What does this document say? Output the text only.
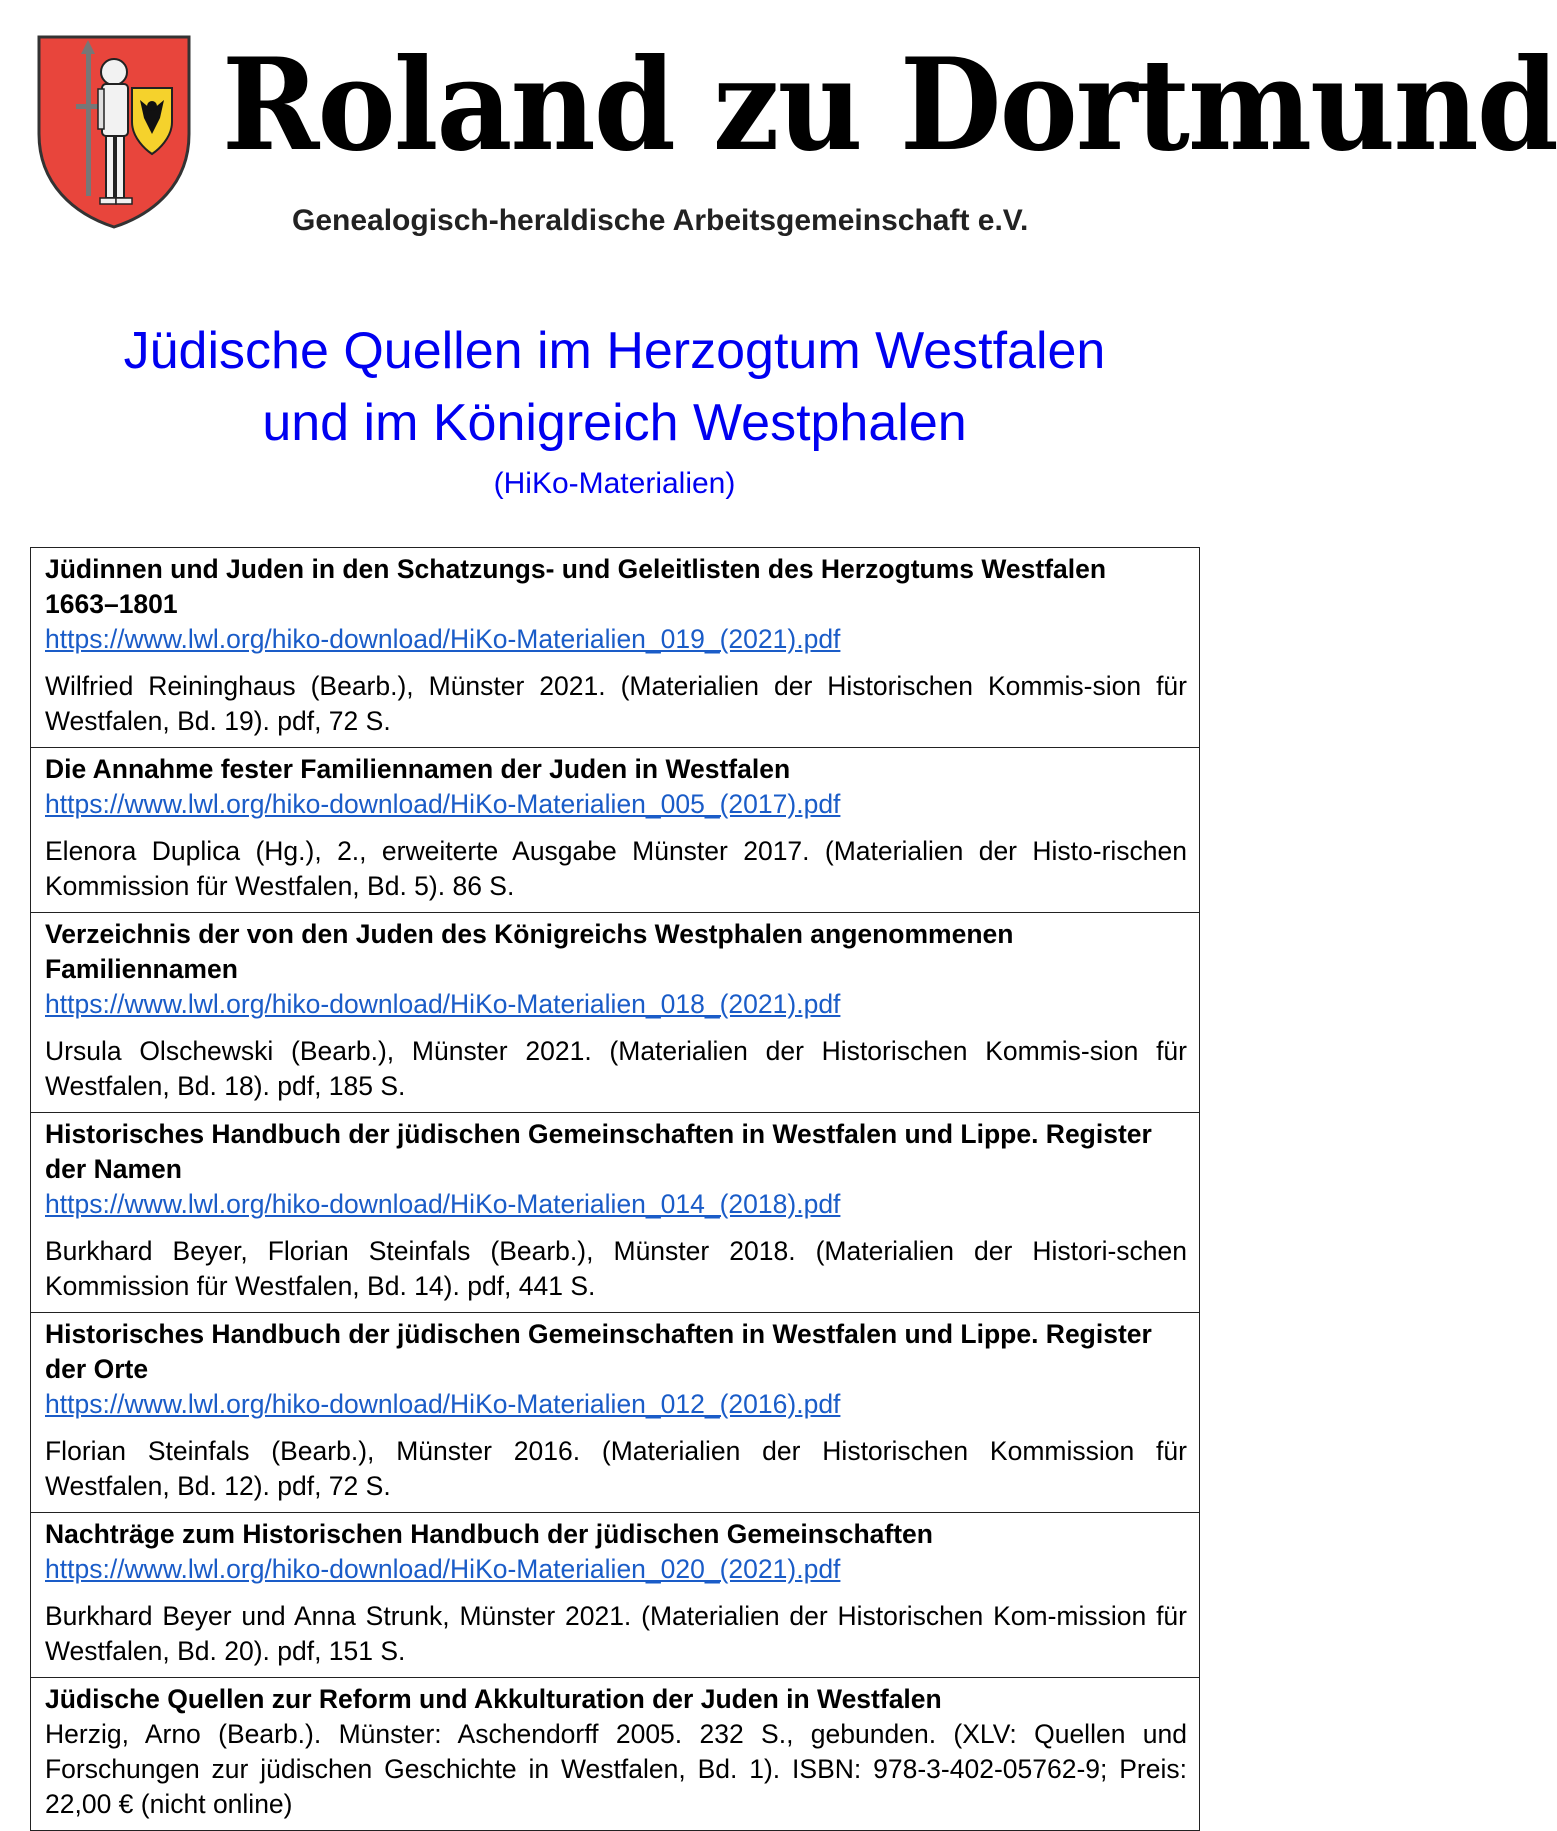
Roland zu Dortmund
Genealogisch-heraldische Arbeitsgemeinschaft e.V.
Jüdische Quellen im Herzogtum Westfalen
und im Königreich Westphalen
(HiKo-Materialien)
Jüdinnen und Juden in den Schatzungs- und Geleitlisten des Herzogtums Westfalen 1663–1801
https://www.lwl.org/hiko-download/HiKo-Materialien_019_(2021).pdf
Wilfried Reininghaus (Bearb.), Münster 2021. (Materialien der Historischen Kommis-sion für Westfalen, Bd. 19). pdf, 72 S.

Die Annahme fester Familiennamen der Juden in Westfalen
https://www.lwl.org/hiko-download/HiKo-Materialien_005_(2017).pdf
Elenora Duplica (Hg.), 2., erweiterte Ausgabe Münster 2017. (Materialien der Histo-rischen Kommission für Westfalen, Bd. 5). 86 S.

Verzeichnis der von den Juden des Königreichs Westphalen angenommenen Familiennamen
https://www.lwl.org/hiko-download/HiKo-Materialien_018_(2021).pdf
Ursula Olschewski (Bearb.), Münster 2021. (Materialien der Historischen Kommis-sion für Westfalen, Bd. 18). pdf, 185 S.

Historisches Handbuch der jüdischen Gemeinschaften in Westfalen und Lippe. Register der Namen
https://www.lwl.org/hiko-download/HiKo-Materialien_014_(2018).pdf
Burkhard Beyer, Florian Steinfals (Bearb.), Münster 2018. (Materialien der Histori-schen Kommission für Westfalen, Bd. 14). pdf, 441 S.

Historisches Handbuch der jüdischen Gemeinschaften in Westfalen und Lippe. Register der Orte
https://www.lwl.org/hiko-download/HiKo-Materialien_012_(2016).pdf
Florian Steinfals (Bearb.), Münster 2016. (Materialien der Historischen Kommission für Westfalen, Bd. 12). pdf, 72 S.

Nachträge zum Historischen Handbuch der jüdischen Gemeinschaften
https://www.lwl.org/hiko-download/HiKo-Materialien_020_(2021).pdf
Burkhard Beyer und Anna Strunk, Münster 2021. (Materialien der Historischen Kom-mission für Westfalen, Bd. 20). pdf, 151 S.

Jüdische Quellen zur Reform und Akkulturation der Juden in Westfalen
Herzig, Arno (Bearb.). Münster: Aschendorff 2005. 232 S., gebunden. (XLV: Quellen und Forschungen zur jüdischen Geschichte in Westfalen, Bd. 1). ISBN: 978-3-402-05762-9; Preis: 22,00 € (nicht online)
